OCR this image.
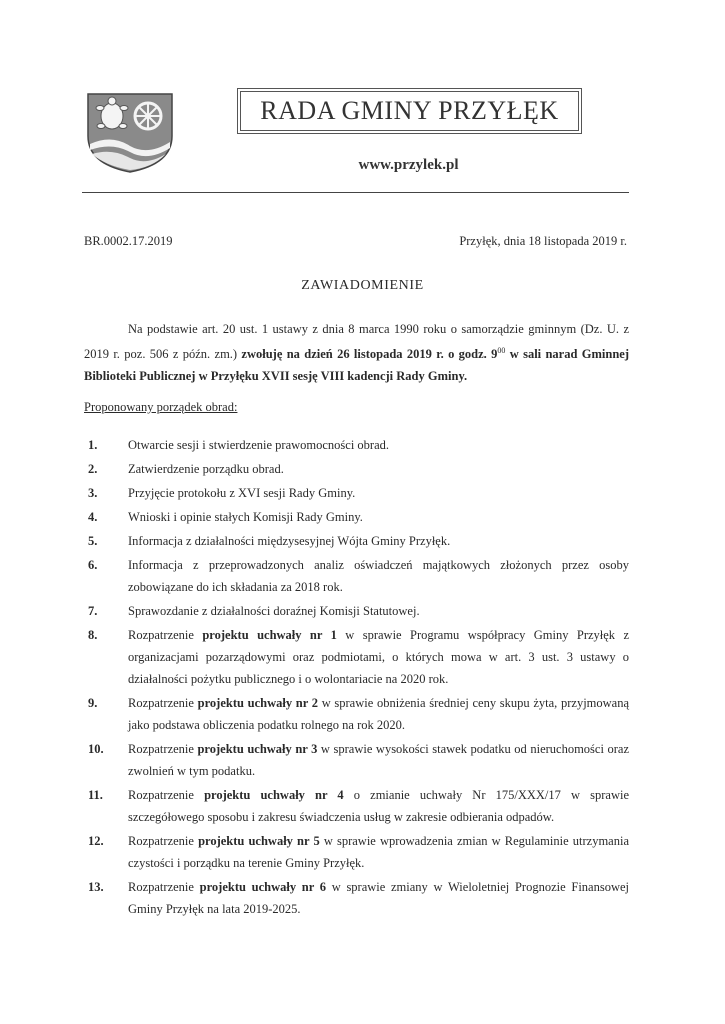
RADA GMINY PRZYŁĘK
www.przylek.pl
BR.0002.17.2019	Przyłęk, dnia 18 listopada 2019 r.
ZAWIADOMIENIE

Na podstawie art. 20 ust. 1 ustawy z dnia 8 marca 1990 roku o samorządzie gminnym (Dz. U. z 2019 r. poz. 506 z późn. zm.) zwołuję na dzień 26 listopada 2019 r. o godz. $9^{00}$ w sali narad Gminnej Biblioteki Publicznej w Przyłęku XVII sesję VIII kadencji Rady Gminy.

Proponowany porządek obrad:
1.	Otwarcie sesji i stwierdzenie prawomocności obrad.
2.	Zatwierdzenie porządku obrad.
3.	Przyjęcie protokołu z XVI sesji Rady Gminy.
4.	Wnioski i opinie stałych Komisji Rady Gminy.
5.	Informacja z działalności międzysesyjnej Wójta Gminy Przyłęk.
6.	Informacja z przeprowadzonych analiz oświadczeń majątkowych złożonych przez osoby zobowiązane do ich składania za 2018 rok.
7.	Sprawozdanie z działalności doraźnej Komisji Statutowej.
8.	Rozpatrzenie projektu uchwały nr 1 w sprawie Programu współpracy Gminy Przyłęk z organizacjami pozarządowymi oraz podmiotami, o których mowa w art. 3 ust. 3 ustawy o działalności pożytku publicznego i o wolontariacie na 2020 rok.
9.	Rozpatrzenie projektu uchwały nr 2 w sprawie obniżenia średniej ceny skupu żyta, przyjmowaną jako podstawa obliczenia podatku rolnego na rok 2020.
10.	Rozpatrzenie projektu uchwały nr 3 w sprawie wysokości stawek podatku od nieruchomości oraz zwolnień w tym podatku.
11.	Rozpatrzenie projektu uchwały nr 4 o zmianie uchwały Nr 175/XXX/17 w sprawie szczegółowego sposobu i zakresu świadczenia usług w zakresie odbierania odpadów.
12.	Rozpatrzenie projektu uchwały nr 5 w sprawie wprowadzenia zmian w Regulaminie utrzymania czystości i porządku na terenie Gminy Przyłęk.
13.	Rozpatrzenie projektu uchwały nr 6 w sprawie zmiany w Wieloletniej Prognozie Finansowej Gminy Przyłęk na lata 2019-2025.
